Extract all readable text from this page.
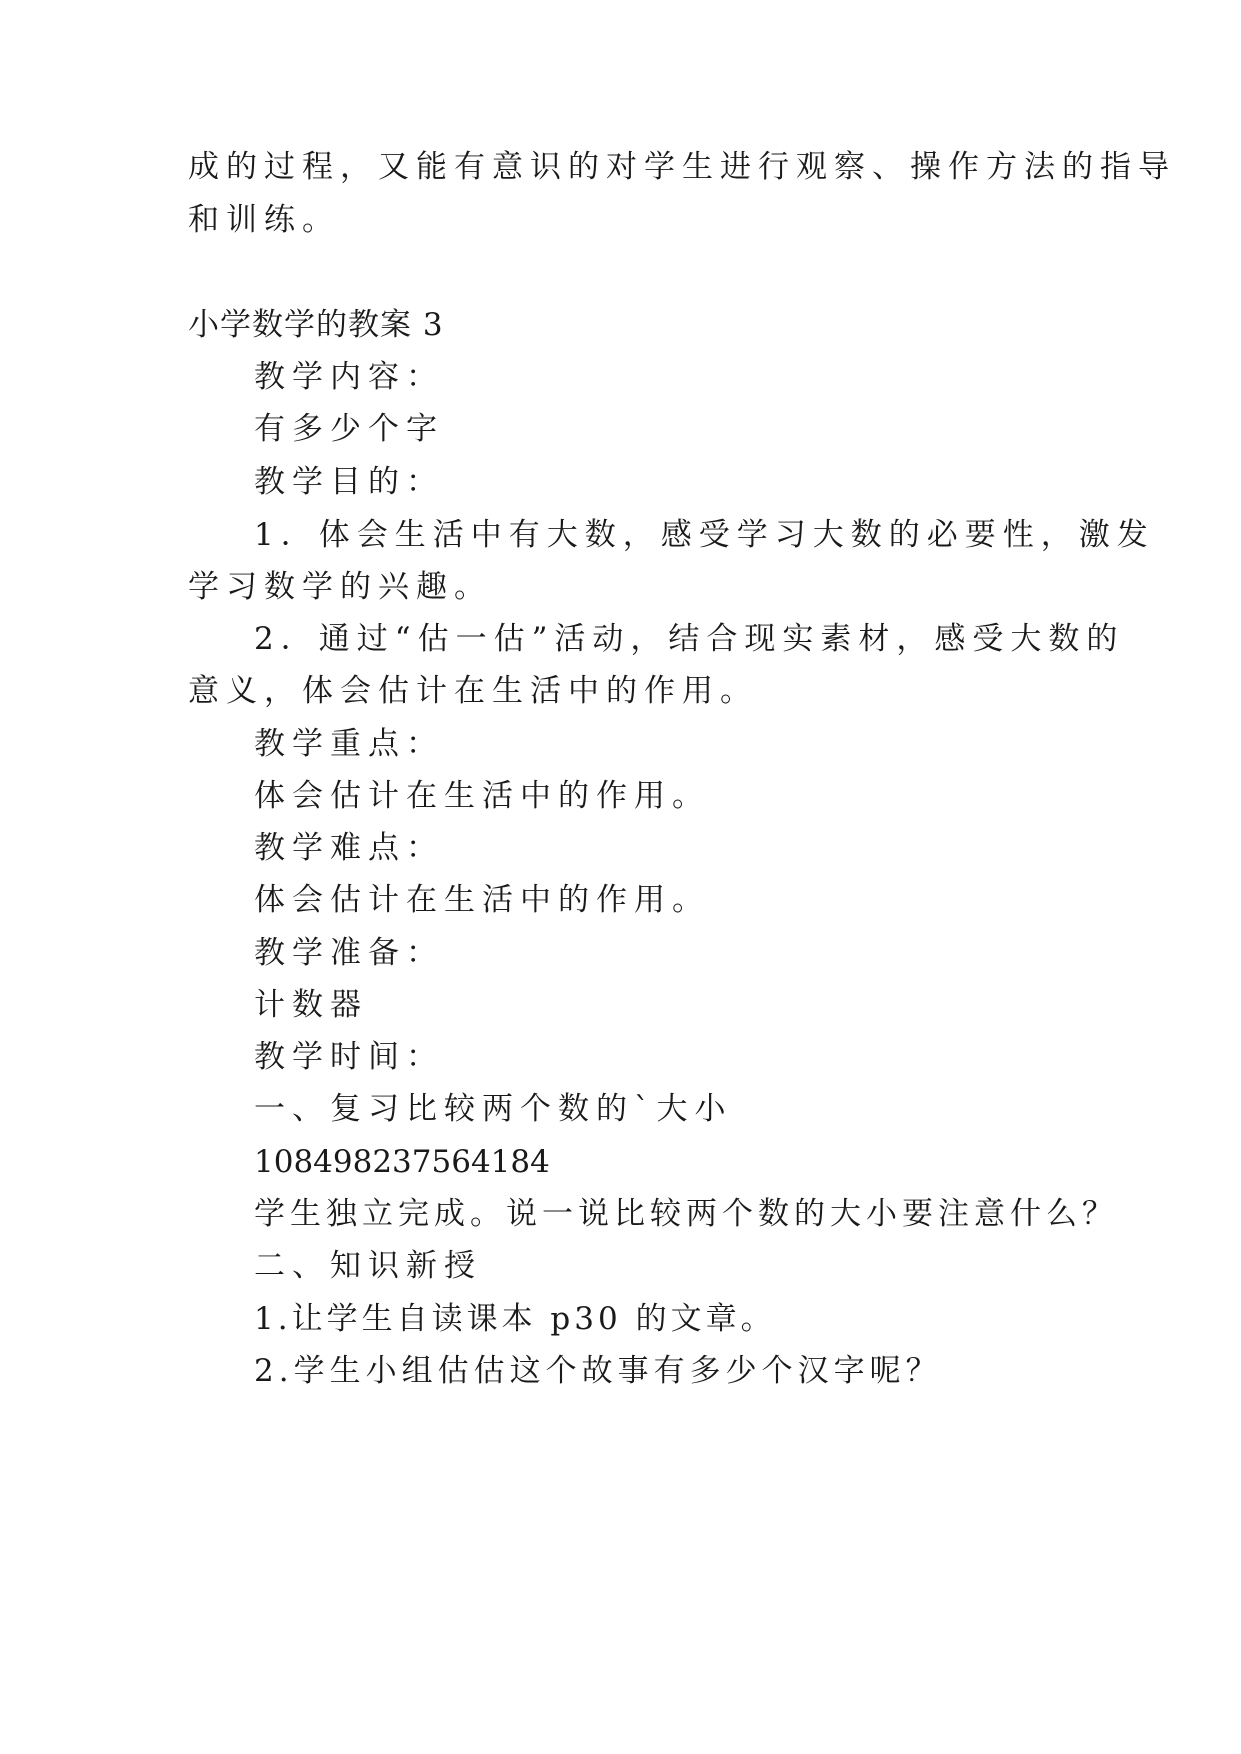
成的过程，又能有意识的对学生进行观察、操作方法的指导

和训练。

小学数学的教案 3

教学内容：

有多少个字

教学目的：

1．体会生活中有大数，感受学习大数的必要性，激发

学习数学的兴趣。

2．通过“估一估”活动，结合现实素材，感受大数的

意义，体会估计在生活中的作用。

教学重点：

体会估计在生活中的作用。

教学难点：

体会估计在生活中的作用。

教学准备：

计数器

教学时间：

一、复习比较两个数的`大小

108498237564184

学生独立完成。说一说比较两个数的大小要注意什么？

二、知识新授

1.让学生自读课本 p30 的文章。

2.学生小组估估这个故事有多少个汉字呢？
